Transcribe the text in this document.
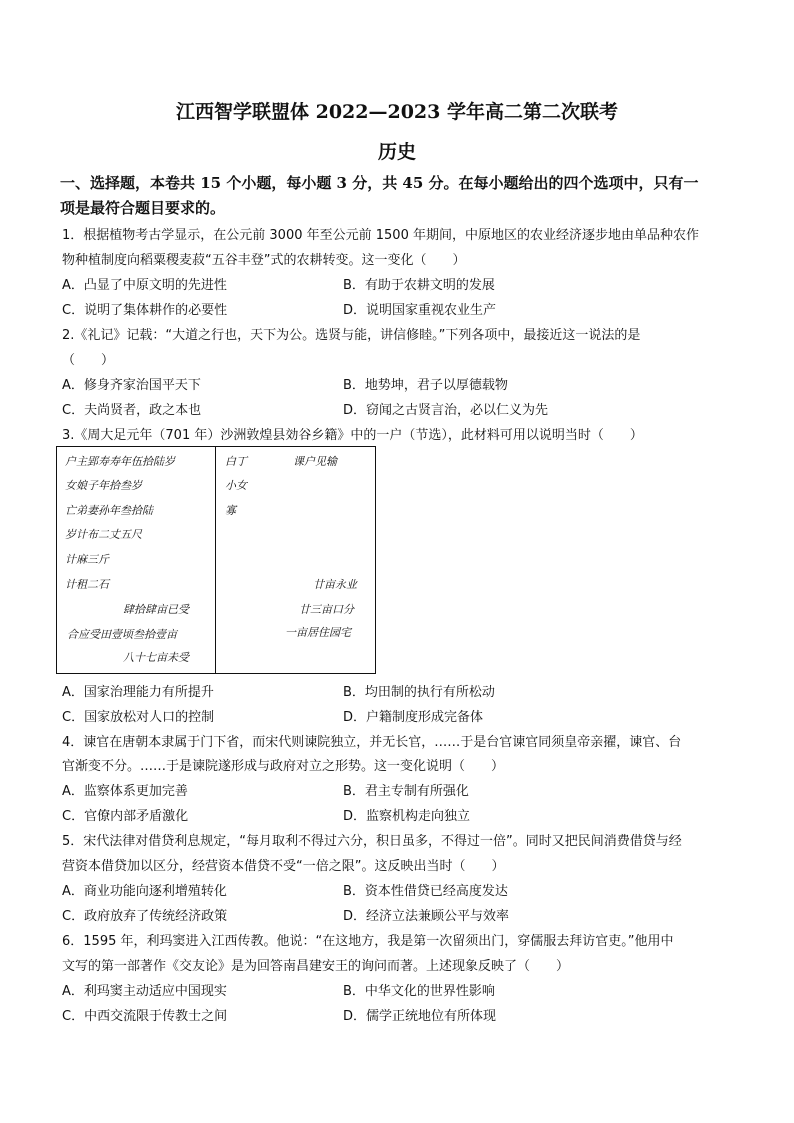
江西智学联盟体 2022—2023 学年高二第二次联考
历史
一、选择题，本卷共 15 个小题，每小题 3 分，共 45 分。在每小题给出的四个选项中，只有一
项是最符合题目要求的。
1．根据植物考古学显示，在公元前 3000 年至公元前 1500 年期间，中原地区的农业经济逐步地由单品种农作
物种植制度向稻粟稷麦菽“五谷丰登”式的农耕转变。这一变化（　　）
A．凸显了中原文明的先进性	B．有助于农耕文明的发展
C．说明了集体耕作的必要性	D．说明国家重视农业生产
2.《礼记》记载：“大道之行也，天下为公。选贤与能，讲信修睦。”下列各项中，最接近这一说法的是
（　　）
A．修身齐家治国平天下	B．地势坤，君子以厚德载物
C．夫尚贤者，政之本也	D．窃闻之古贤言治，必以仁义为先
3.《周大足元年（701 年）沙洲敦煌县効谷乡籍》中的一户（节选），此材料可用以说明当时（　　）
户主郢寿寿年伍拾陆岁
女娘子年拾叁岁
亡弟妻孙年叁拾陆
岁计布二丈五尺
计麻三斤
计租二石
肆拾肆亩已受
合应受田壹顷叁拾壹亩
八十七亩未受
白丁	课户见输
小女
寡
廿亩永业
廿三亩口分
一亩居住园宅
A．国家治理能力有所提升	B．均田制的执行有所松动
C．国家放松对人口的控制	D．户籍制度形成完备体
4．谏官在唐朝本隶属于门下省，而宋代则谏院独立，并无长官，……于是台官谏官同须皇帝亲擢，谏官、台
官渐变不分。……于是谏院遂形成与政府对立之形势。这一变化说明（　　）
A．监察体系更加完善	B．君主专制有所强化
C．官僚内部矛盾激化	D．监察机构走向独立
5．宋代法律对借贷利息规定，“每月取利不得过六分，积日虽多，不得过一倍”。同时又把民间消费借贷与经
营资本借贷加以区分，经营资本借贷不受“一倍之限”。这反映出当时（　　）
A．商业功能向逐利增殖转化	B．资本性借贷已经高度发达
C．政府放弃了传统经济政策	D．经济立法兼顾公平与效率
6．1595 年，利玛窦进入江西传教。他说：“在这地方，我是第一次留须出门，穿儒服去拜访官吏。”他用中
文写的第一部著作《交友论》是为回答南昌建安王的询问而著。上述现象反映了（　　）
A．利玛窦主动适应中国现实	B．中华文化的世界性影响
C．中西交流限于传教士之间	D．儒学正统地位有所体现
